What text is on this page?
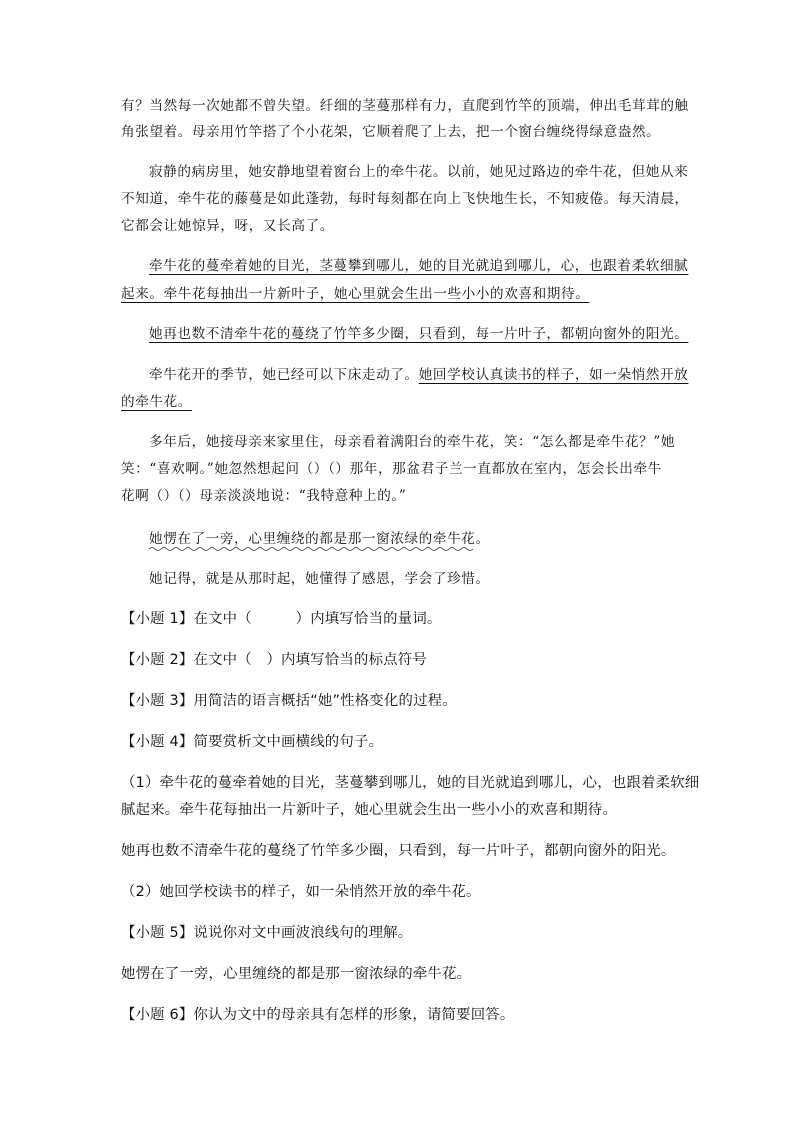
有？当然每一次她都不曾失望。纤细的茎蔓那样有力，直爬到竹竿的顶端，伸出毛茸茸的触
角张望着。母亲用竹竿搭了个小花架，它顺着爬了上去，把一个窗台缠绕得绿意盎然。
寂静的病房里，她安静地望着窗台上的牵牛花。以前，她见过路边的牵牛花，但她从来
不知道，牵牛花的藤蔓是如此蓬勃，每时每刻都在向上飞快地生长，不知疲倦。每天清晨，
它都会让她惊异，呀，又长高了。
牵牛花的蔓牵着她的目光，茎蔓攀到哪儿，她的目光就追到哪儿，心，也跟着柔软细腻
起来。牵牛花每抽出一片新叶子，她心里就会生出一些小小的欢喜和期待。
她再也数不清牵牛花的蔓绕了竹竿多少圈，只看到，每一片叶子，都朝向窗外的阳光。
牵牛花开的季节，她已经可以下床走动了。她回学校认真读书的样子，如一朵悄然开放
的牵牛花。
多年后，她接母亲来家里住，母亲看着满阳台的牵牛花，笑：“怎么都是牵牛花？”她
笑：“喜欢啊。”她忽然想起问（）（）那年，那盆君子兰一直都放在室内，怎会长出牵牛
花啊（）（）母亲淡淡地说：“我特意种上的。”
她愣在了一旁，心里缠绕的都是那一窗浓绿的牵牛花。
她记得，就是从那时起，她懂得了感恩，学会了珍惜。
【小题 1】在文中（　　　）内填写恰当的量词。
【小题 2】在文中（　）内填写恰当的标点符号
【小题 3】用简洁的语言概括“她”性格变化的过程。
【小题 4】简要赏析文中画横线的句子。
（1）牵牛花的蔓牵着她的目光，茎蔓攀到哪儿，她的目光就追到哪儿，心，也跟着柔软细
腻起来。牵牛花每抽出一片新叶子，她心里就会生出一些小小的欢喜和期待。
她再也数不清牵牛花的蔓绕了竹竿多少圈，只看到，每一片叶子，都朝向窗外的阳光。
（2）她回学校读书的样子，如一朵悄然开放的牵牛花。
【小题 5】说说你对文中画波浪线句的理解。
她愣在了一旁，心里缠绕的都是那一窗浓绿的牵牛花。
【小题 6】你认为文中的母亲具有怎样的形象，请简要回答。
